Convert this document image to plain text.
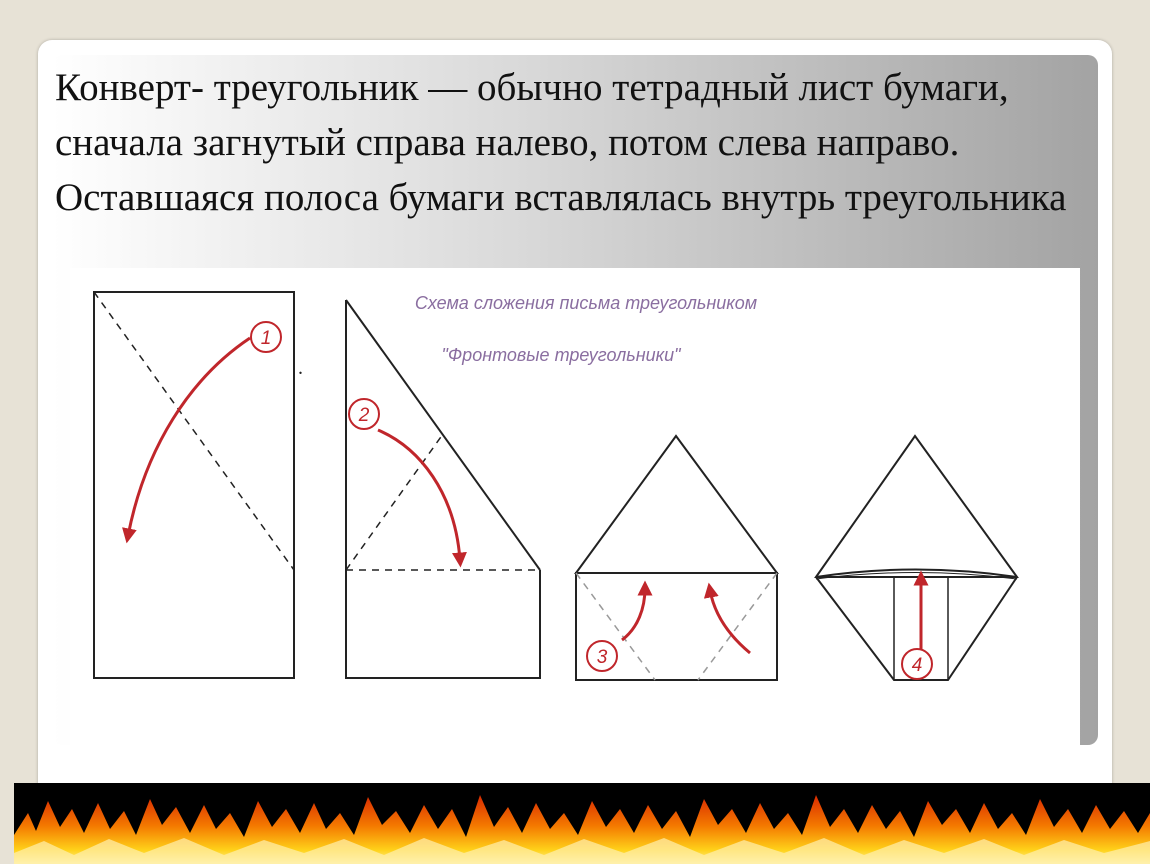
Конверт- треугольник — обычно тетрадный лист бумаги, сначала загнутый справа налево, потом слева направо. Оставшаяся полоса бумаги вставлялась внутрь треугольника

Схема сложения письма треугольником
"Фронтовые треугольники"
1
.
2
3	4
